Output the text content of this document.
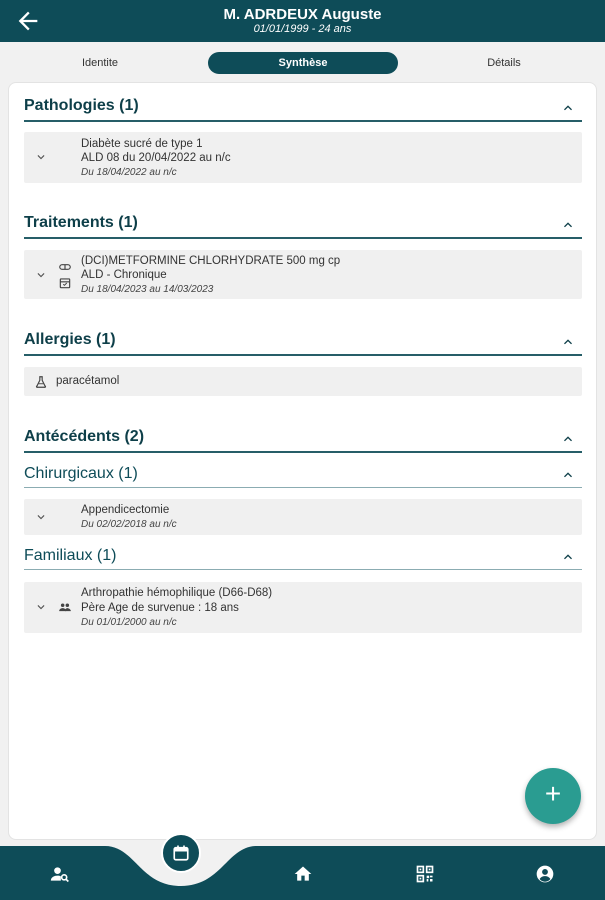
M. ADRDEUX Auguste
01/01/1999 - 24 ans
Identite	Synthèse	Détails
Pathologies (1)
Diabète sucré de type 1
ALD 08 du 20/04/2022 au n/c
Du 18/04/2022 au n/c
Traitements (1)
(DCI)METFORMINE CHLORHYDRATE 500 mg cp
ALD - Chronique
Du 18/04/2023 au 14/03/2023
Allergies (1)
paracétamol
Antécédents (2)
Chirurgicaux (1)
Appendicectomie
Du 02/02/2018 au n/c
Familiaux (1)
Arthropathie hémophilique (D66-D68)
Père Age de survenue : 18 ans
Du 01/01/2000 au n/c
+
